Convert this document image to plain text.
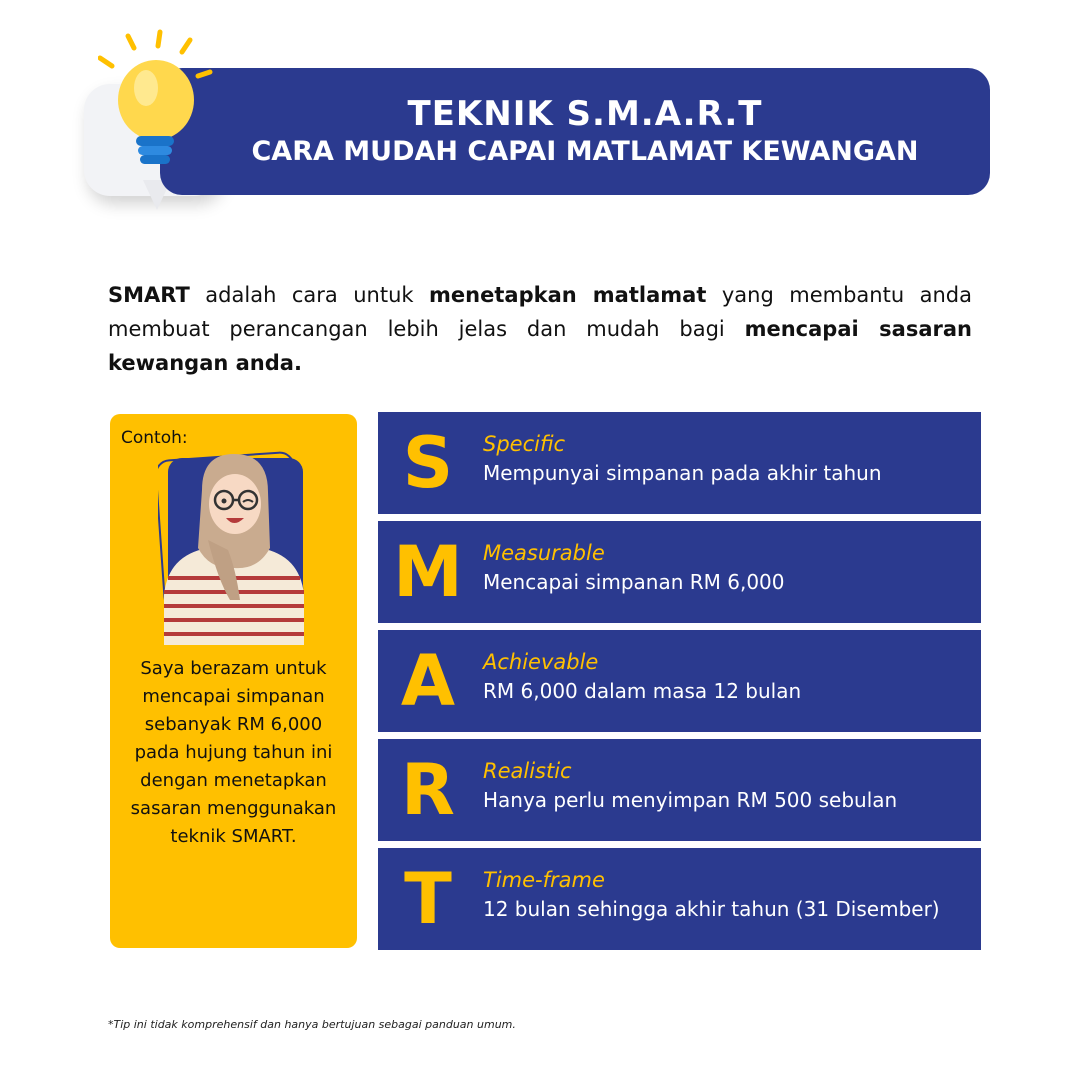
TEKNIK S.M.A.R.T
CARA MUDAH CAPAI MATLAMAT KEWANGAN
SMART adalah cara untuk menetapkan matlamat yang membantu anda membuat perancangan lebih jelas dan mudah bagi mencapai sasaran kewangan anda.
Contoh:
Saya berazam untuk mencapai simpanan sebanyak RM 6,000 pada hujung tahun ini dengan menetapkan sasaran menggunakan teknik SMART.
S	Specific
Mempunyai simpanan pada akhir tahun
M Measurable
Mencapai simpanan RM 6,000
A	Achievable
RM 6,000 dalam masa 12 bulan
R	Realistic
Hanya perlu menyimpan RM 500 sebulan
T	Time-frame
12 bulan sehingga akhir tahun (31 Disember)
*Tip ini tidak komprehensif dan hanya bertujuan sebagai panduan umum.
